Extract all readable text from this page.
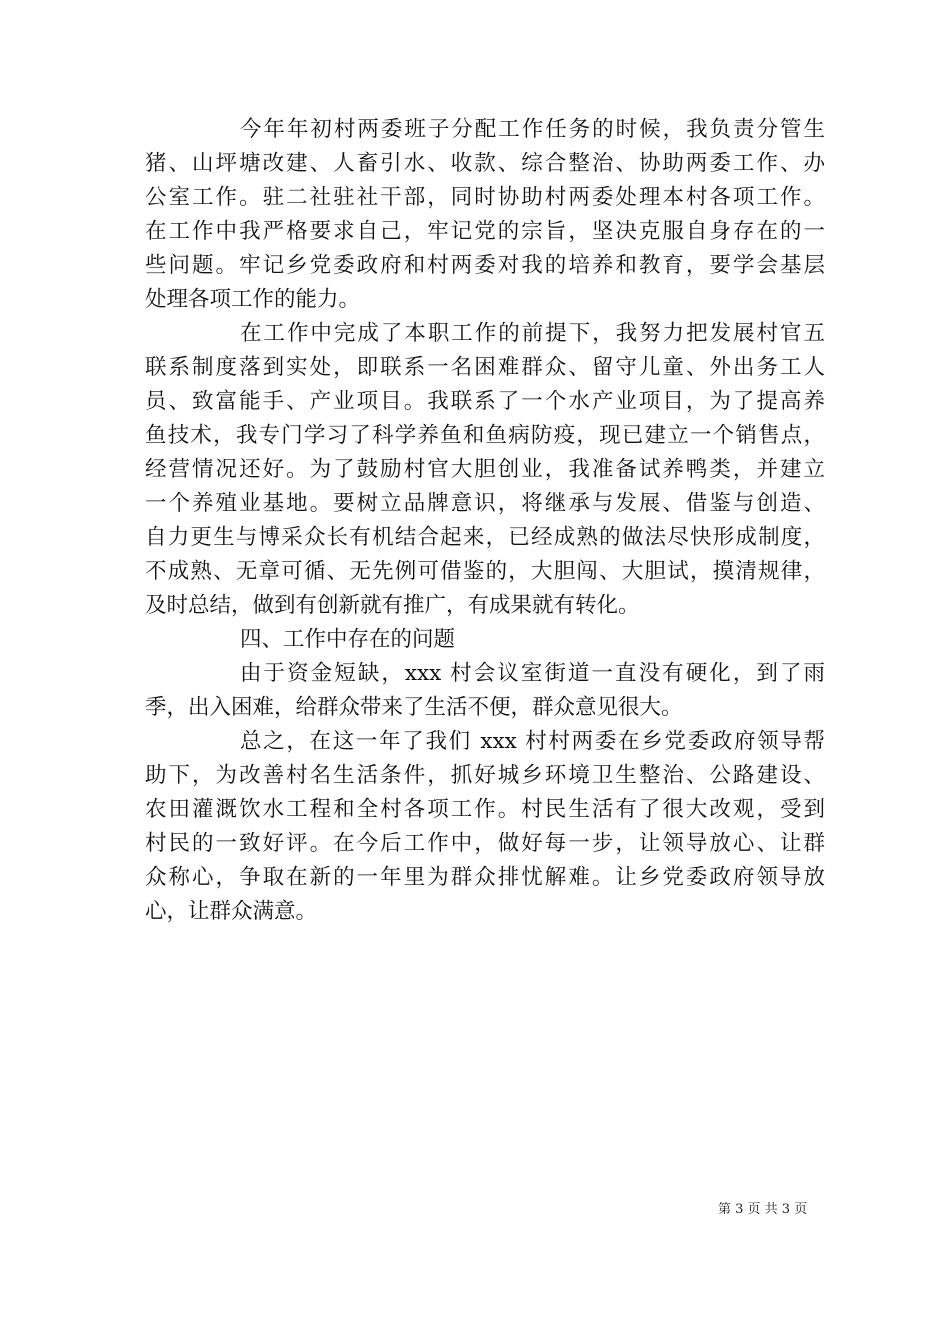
今年年初村两委班子分配工作任务的时候，我负责分管生
猪、山坪塘改建、人畜引水、收款、综合整治、协助两委工作、办
公室工作。驻二社驻社干部，同时协助村两委处理本村各项工作。
在工作中我严格要求自己，牢记党的宗旨，坚决克服自身存在的一
些问题。牢记乡党委政府和村两委对我的培养和教育，要学会基层
处理各项工作的能力。
在工作中完成了本职工作的前提下，我努力把发展村官五
联系制度落到实处，即联系一名困难群众、留守儿童、外出务工人
员、致富能手、产业项目。我联系了一个水产业项目，为了提高养
鱼技术，我专门学习了科学养鱼和鱼病防疫，现已建立一个销售点，
经营情况还好。为了鼓励村官大胆创业，我准备试养鸭类，并建立
一个养殖业基地。要树立品牌意识，将继承与发展、借鉴与创造、
自力更生与博采众长有机结合起来，已经成熟的做法尽快形成制度，
不成熟、无章可循、无先例可借鉴的，大胆闯、大胆试，摸清规律，
及时总结，做到有创新就有推广，有成果就有转化。
四、工作中存在的问题
由于资金短缺，xxx 村会议室街道一直没有硬化，到了雨
季，出入困难，给群众带来了生活不便，群众意见很大。
总之，在这一年了我们 xxx 村村两委在乡党委政府领导帮
助下，为改善村名生活条件，抓好城乡环境卫生整治、公路建设、
农田灌溉饮水工程和全村各项工作。村民生活有了很大改观，受到
村民的一致好评。在今后工作中，做好每一步，让领导放心、让群
众称心，争取在新的一年里为群众排忧解难。让乡党委政府领导放
心，让群众满意。
第 3 页 共 3 页
